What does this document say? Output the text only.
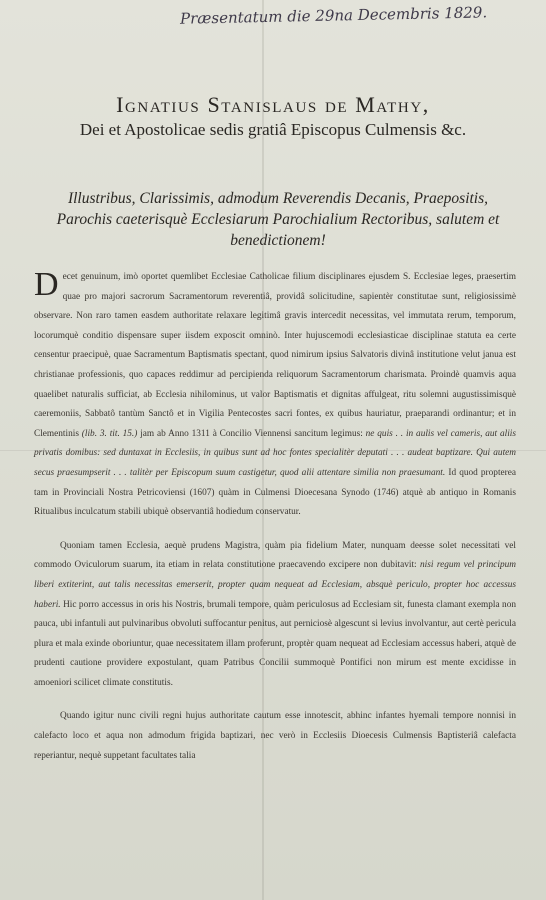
Præsentatum die 29na Decembris 1829.

Ignatius Stanislaus de Mathy,

Dei et Apostolicae sedis gratiâ Episcopus Culmensis &c.

Illustribus, Clarissimis, admodum Reverendis Decanis, Praepositis, Parochis caeterisquè Ecclesiarum Parochialium Rectoribus, salutem et benedictionem!

Decet genuinum, imò oportet quemlibet Ecclesiae Catholicae filium disciplinares ejusdem S. Ecclesiae leges, praesertim quae pro majori sacrorum Sacramentorum reverentiâ, providâ solicitudine, sapientèr constitutae sunt, religiosissimè observare. Non raro tamen easdem authoritate relaxare legitimâ gravis intercedit necessitas, vel immutata rerum, temporum, locorumquè conditio dispensare super iisdem exposcit omninò. Inter hujuscemodi ecclesiasticae disciplinae statuta ea certe censentur praecipuè, quae Sacramentum Baptismatis spectant, quod nimirum ipsius Salvatoris divinâ institutione velut janua est christianae professionis, quo capaces reddimur ad percipienda reliquorum Sacramentorum charismata. Proindè quamvis aqua quaelibet naturalis sufficiat, ab Ecclesia nihilominus, ut valor Baptismatis et dignitas affulgeat, ritu solemni augustissimisquè caeremoniis, Sabbatô tantùm Sanctô et in Vigilia Pentecostes sacri fontes, ex quibus hauriatur, praeparandi ordinantur; et in Clementinis (lib. 3. tit. 15.) jam ab Anno 1311 à Concilio Viennensi sancitum legimus: ne quis . . in aulis vel cameris, aut aliis privatis domibus: sed duntaxat in Ecclesiis, in quibus sunt ad hoc fontes specialitèr deputati . . . audeat baptizare. Qui autem secus praesumpserit . . . talitèr per Episcopum suum castigetur, quod alii attentare similia non praesumant. Id quod propterea tam in Provinciali Nostra Petricoviensi (1607) quàm in Culmensi Dioecesana Synodo (1746) atquè ab antiquo in Romanis Ritualibus inculcatum stabili ubiquè observantiâ hodiedum conservatur.

Quoniam tamen Ecclesia, aequè prudens Magistra, quàm pia fidelium Mater, nunquam deesse solet necessitati vel commodo Oviculorum suarum, ita etiam in relata constitutione praecavendo excipere non dubitavit: nisi regum vel principum liberi extiterint, aut talis necessitas emerserit, propter quam nequeat ad Ecclesiam, absquè periculo, propter hoc accessus haberi. Hic porro accessus in oris his Nostris, brumali tempore, quàm periculosus ad Ecclesiam sit, funesta clamant exempla non pauca, ubi infantuli aut pulvinaribus obvoluti suffocantur penitus, aut perniciosè algescunt si levius involvantur, aut certè pericula plura et mala exinde oboriuntur, quae necessitatem illam proferunt, proptèr quam nequeat ad Ecclesiam accessus haberi, atquè de prudenti cautione providere expostulant, quam Patribus Concilii summoquè Pontifici non mirum est mente excidisse in amoeniori scilicet climate constitutis.

Quando igitur nunc civili regni hujus authoritate cautum esse innotescit, abhinc infantes hyemali tempore nonnisi in calefacto loco et aqua non admodum frigida baptizari, nec verò in Ecclesiis Dioecesis Culmensis Baptisteriâ calefacta reperiantur, nequè suppetant facultates talia
